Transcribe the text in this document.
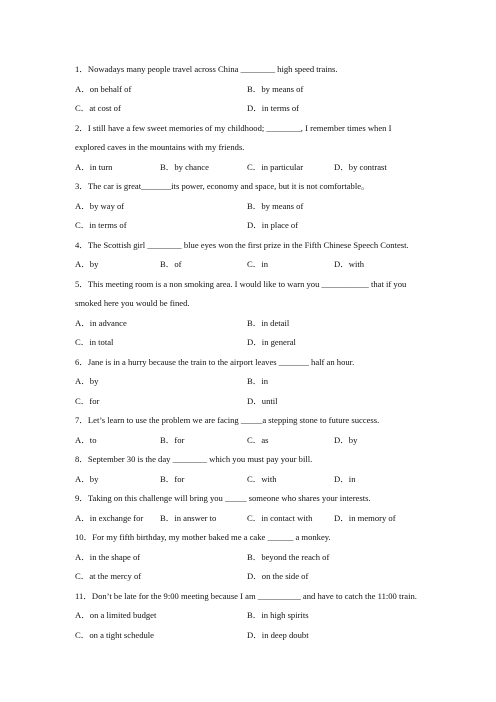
1．Nowadays many people travel across China ________ high speed trains.
A．on behalf of	B．by means of
C．at cost of	D．in terms of
2．I still have a few sweet memories of my childhood; ________, I remember times when I
explored caves in the mountains with my friends.
A．in turn	B．by chance	C．in particular	D．by contrast
3．The car is great_______its power, economy and space, but it is not comfortable。
A．by way of	B．by means of
C．in terms of	D．in place of
4．The Scottish girl ________ blue eyes won the first prize in the Fifth Chinese Speech Contest.
A．by	B．of	C．in	D．with
5．This meeting room is a non smoking area. I would like to warn you ___________ that if you
smoked here you would be fined.
A．in advance	B．in detail
C．in total	D．in general
6．Jane is in a hurry because the train to the airport leaves _______ half an hour.
A．by	B．in
C．for	D．until
7．Let’s learn to use the problem we are facing _____a stepping stone to future success.
A．to	B．for	C．as	D．by
8．September 30 is the day ________ which you must pay your bill.
A．by	B．for	C．with	D．in
9．Taking on this challenge will bring you _____ someone who shares your interests.
A．in exchange for B．in answer to	C．in contact with	D．in memory of
10．For my fifth birthday, my mother baked me a cake ______ a monkey.
A．in the shape of	B．beyond the reach of
C．at the mercy of	D．on the side of
11．Don’t be late for the 9:00 meeting because I am __________ and have to catch the 11:00 train.
A．on a limited budget	B．in high spirits
C．on a tight schedule	D．in deep doubt
